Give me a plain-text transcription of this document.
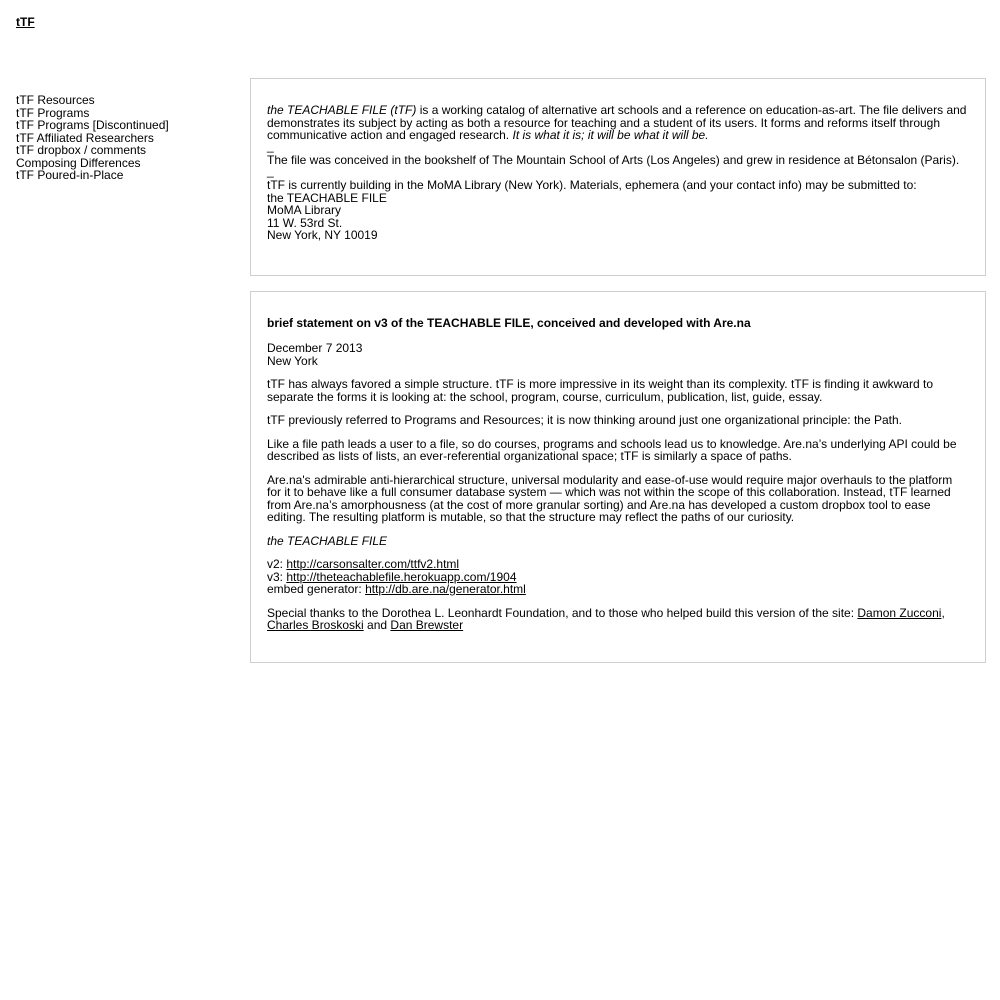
tTF
tTF Resources
tTF Programs
tTF Programs [Discontinued]
tTF Affiliated Researchers
tTF dropbox / comments
Composing Differences
tTF Poured-in-Place

the TEACHABLE FILE (tTF) is a working catalog of alternative art schools and a reference on education-as-art. The file delivers and demonstrates its subject by acting as both a resource for teaching and a student of its users. It forms and reforms itself through communicative action and engaged research. It is what it is; it will be what it will be.

_

The file was conceived in the bookshelf of The Mountain School of Arts (Los Angeles) and grew in residence at Bétonsalon (Paris).

_

tTF is currently building in the MoMA Library (New York). Materials, ephemera (and your contact info) may be submitted to:

the TEACHABLE FILE
MoMA Library
11 W. 53rd St.
New York, NY 10019

brief statement on v3 of the TEACHABLE FILE, conceived and developed with Are.na

December 7 2013
New York

tTF has always favored a simple structure. tTF is more impressive in its weight than its complexity. tTF is finding it awkward to separate the forms it is looking at: the school, program, course, curriculum, publication, list, guide, essay.

tTF previously referred to Programs and Resources; it is now thinking around just one organizational principle: the Path.

Like a file path leads a user to a file, so do courses, programs and schools lead us to knowledge. Are.na’s underlying API could be described as lists of lists, an ever-referential organizational space; tTF is similarly a space of paths.

Are.na's admirable anti-hierarchical structure, universal modularity and ease-of-use would require major overhauls to the platform for it to behave like a full consumer database system — which was not within the scope of this collaboration. Instead, tTF learned from Are.na’s amorphousness (at the cost of more granular sorting) and Are.na has developed a custom dropbox tool to ease editing. The resulting platform is mutable, so that the structure may reflect the paths of our curiosity.

the TEACHABLE FILE

v2: http://carsonsalter.com/ttfv2.html
v3: http://theteachablefile.herokuapp.com/1904
embed generator: http://db.are.na/generator.html

Special thanks to the Dorothea L. Leonhardt Foundation, and to those who helped build this version of the site: Damon Zucconi, Charles Broskoski and Dan Brewster
